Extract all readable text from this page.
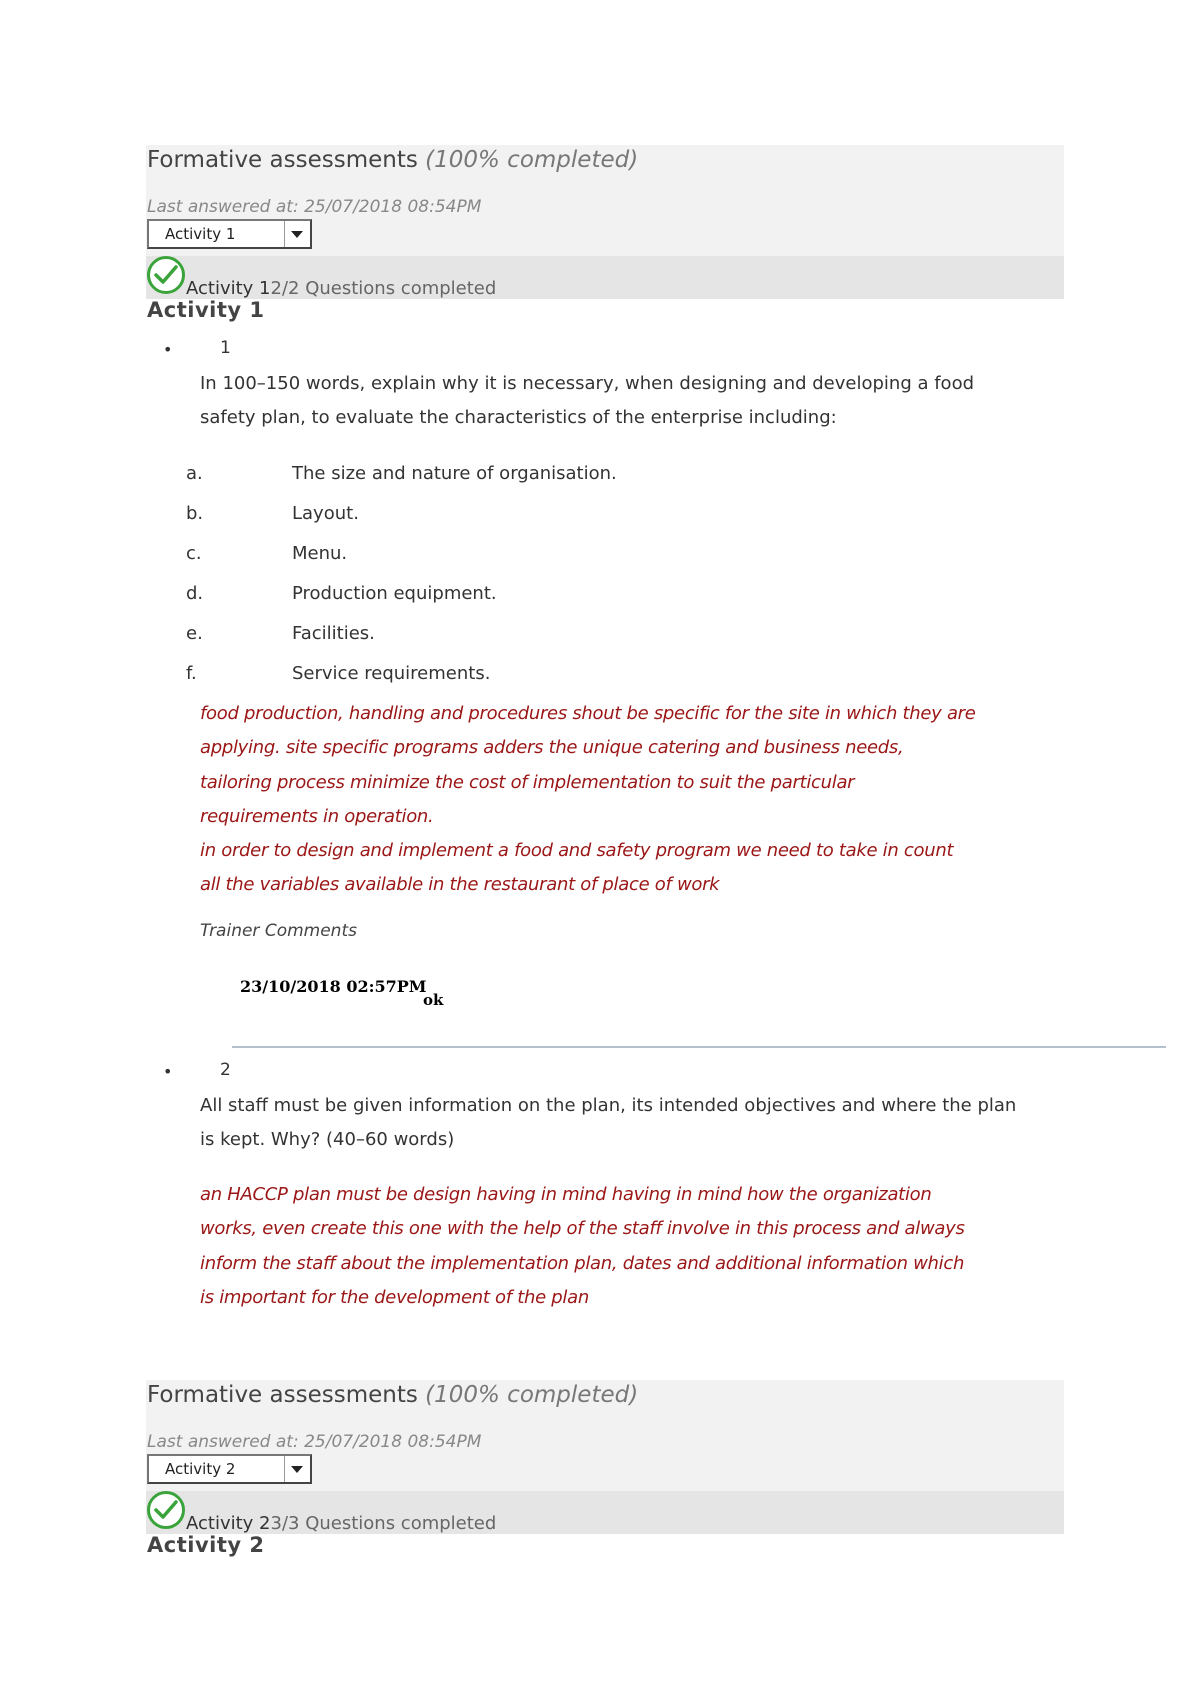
Formative assessments (100% completed)
Last answered at: 25/07/2018 08:54PM
Activity 1
Activity 12/2 Questions completed
Activity 1
•	1
In 100–150 words, explain why it is necessary, when designing and developing a food safety plan, to evaluate the characteristics of the enterprise including:
a.	The size and nature of organisation.
b.	Layout.
c.	Menu.
d.	Production equipment.
e.	Facilities.
f.	Service requirements.
food production, handling and procedures shout be specific for the site in which they are
applying. site specific programs adders the unique catering and business needs,
tailoring process minimize the cost of implementation to suit the particular
requirements in operation.
in order to design and implement a food and safety program we need to take in count
all the variables available in the restaurant of place of work
Trainer Comments
23/10/2018 02:57PM
ok
•	2
All staff must be given information on the plan, its intended objectives and where the plan is kept. Why? (40–60 words)
an HACCP plan must be design having in mind having in mind how the organization
works, even create this one with the help of the staff involve in this process and always
inform the staff about the implementation plan, dates and additional information which
is important for the development of the plan
Formative assessments (100% completed)
Last answered at: 25/07/2018 08:54PM
Activity 2
Activity 23/3 Questions completed
Activity 2
